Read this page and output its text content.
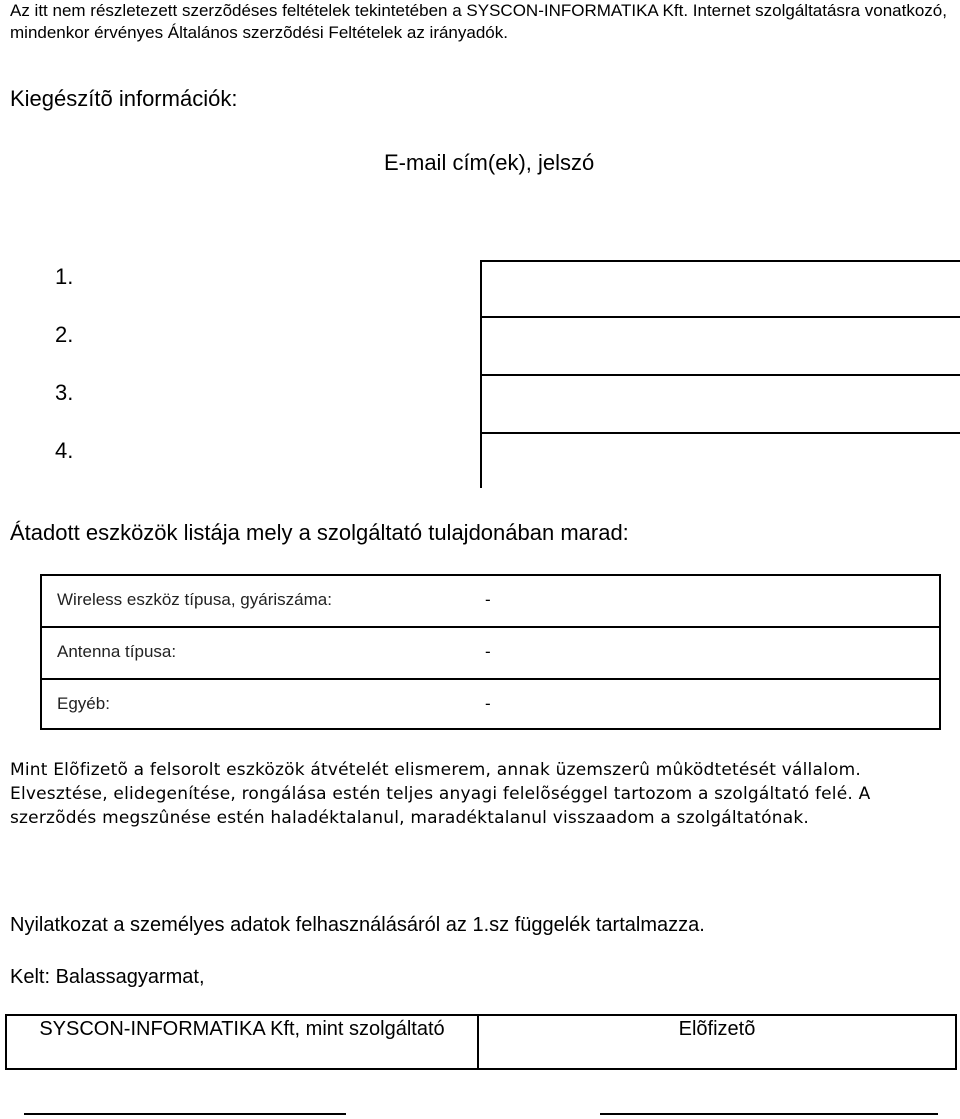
Az itt nem részletezett szerzõdéses feltételek tekintetében a SYSCON-INFORMATIKA Kft. Internet szolgáltatásra vonatkozó, mindenkor érvényes Általános szerzõdési Feltételek az irányadók.
Kiegészítõ információk:
E-mail cím(ek), jelszó
1.
2.
3.
4.
Átadott eszközök listája mely a szolgáltató tulajdonában marad:
Wireless eszköz típusa, gyáriszáma:	-
Antenna típusa:	-
Egyéb:	-
Mint Elõfizetõ a felsorolt eszközök átvételét elismerem, annak üzemszerû mûködtetését vállalom. Elvesztése, elidegenítése, rongálása estén teljes anyagi felelõséggel tartozom a szolgáltató felé. A szerzõdés megszûnése estén haladéktalanul, maradéktalanul visszaadom a szolgáltatónak.
Nyilatkozat a személyes adatok felhasználásáról az 1.sz függelék tartalmazza.
Kelt: Balassagyarmat,
SYSCON-INFORMATIKA Kft, mint szolgáltató	Elõfizetõ
